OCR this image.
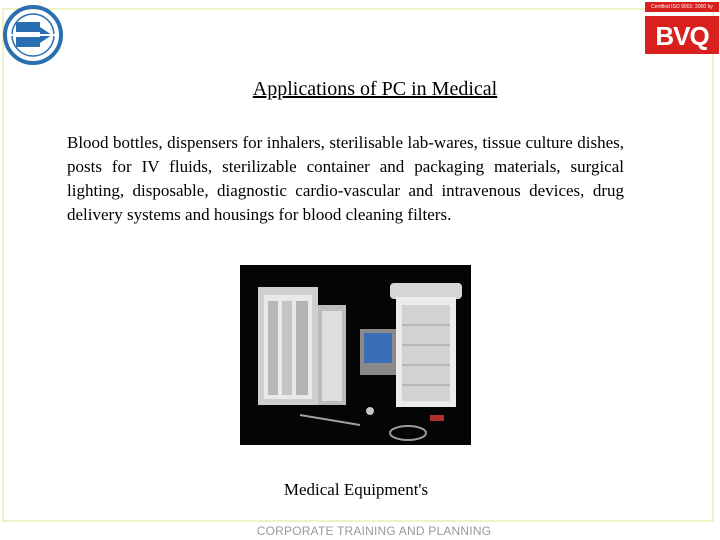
Certified ISO 9001: 2000 by
BVQ
Applications of PC in Medical

Blood bottles, dispensers for inhalers, sterilisable lab-wares, tissue culture dishes, posts for IV fluids, sterilizable container and packaging materials, surgical lighting, disposable, diagnostic cardio-vascular and intravenous devices, drug delivery systems and housings for blood cleaning filters.

Medical Equipment's
CORPORATE TRAINING AND PLANNING
